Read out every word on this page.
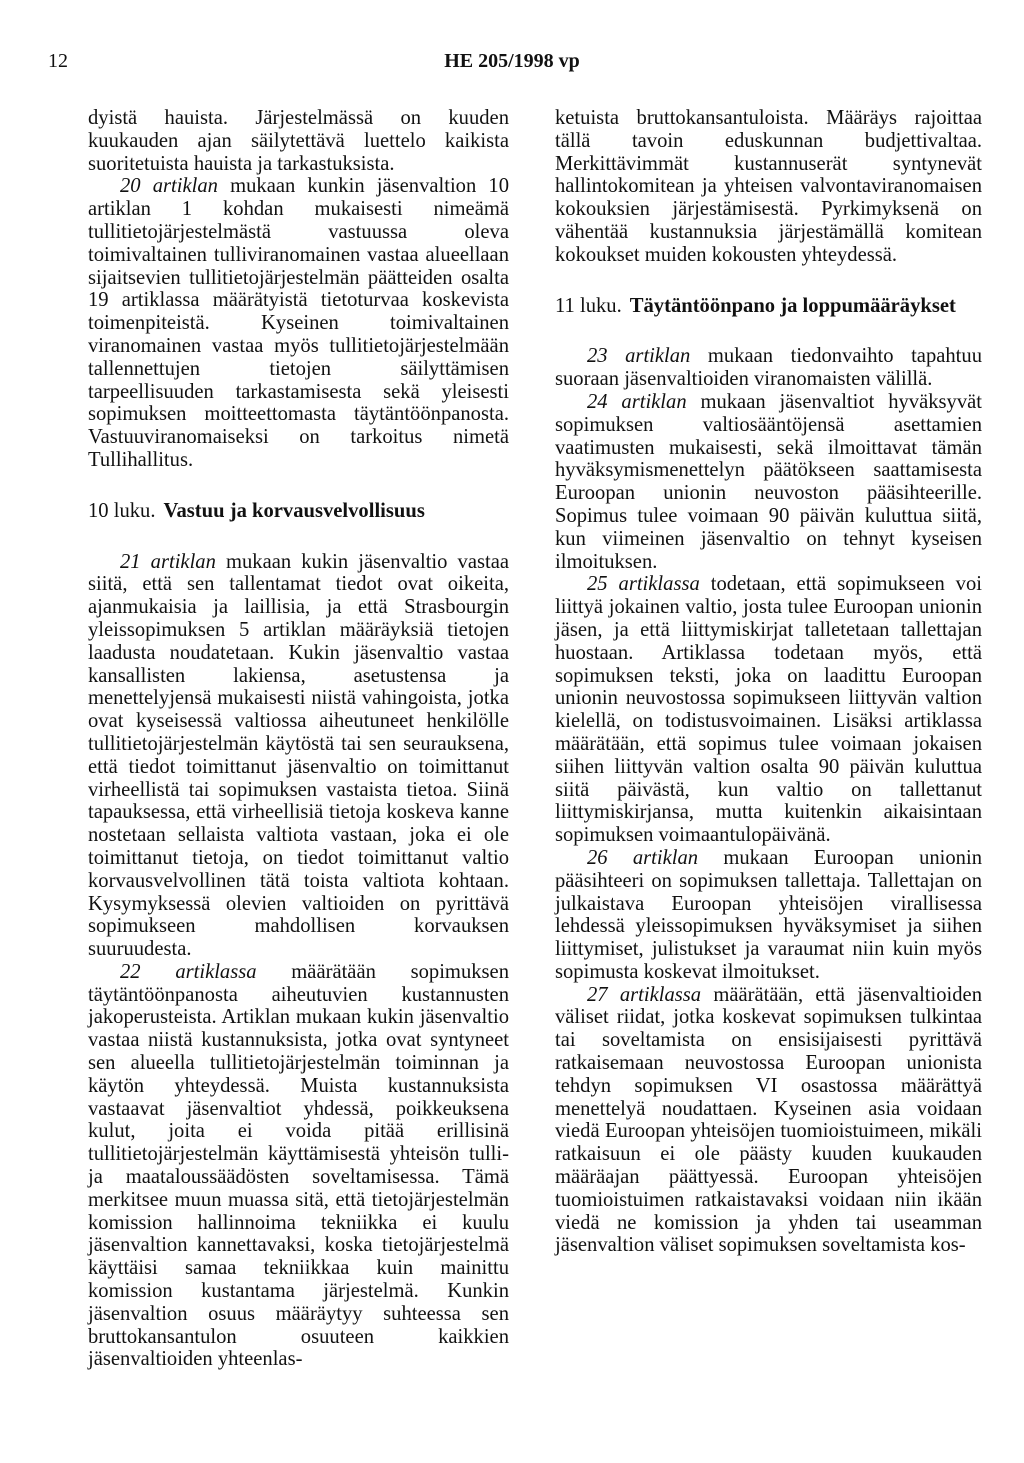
12	HE 205/1998 vp

dyistä hauista. Järjestelmässä on kuuden kuukauden ajan säilytettävä luettelo kaikista suoritetuista hauista ja tarkastuksista.

20 artiklan mukaan kunkin jäsenvaltion 10 artiklan 1 kohdan mukaisesti nimeämä tullitietojärjestelmästä vastuussa oleva toimivaltainen tulliviranomainen vastaa alueellaan sijaitsevien tullitietojärjestelmän päätteiden osalta 19 artiklassa määrätyistä tietoturvaa koskevista toimenpiteistä. Kyseinen toimivaltainen viranomainen vastaa myös tullitietojärjestelmään tallennettujen tietojen säilyttämisen tarpeellisuuden tarkastamisesta sekä yleisesti sopimuksen moitteettomasta täytäntöönpanosta. Vastuuviranomaiseksi on tarkoitus nimetä Tullihallitus.

10 luku. Vastuu ja korvausvelvollisuus

21 artiklan mukaan kukin jäsenvaltio vastaa siitä, että sen tallentamat tiedot ovat oikeita, ajanmukaisia ja laillisia, ja että Strasbourgin yleissopimuksen 5 artiklan määräyksiä tietojen laadusta noudatetaan. Kukin jäsenvaltio vastaa kansallisten lakiensa, asetustensa ja menettelyjensä mukaisesti niistä vahingoista, jotka ovat kyseisessä valtiossa aiheutuneet henkilölle tullitietojärjestelmän käytöstä tai sen seurauksena, että tiedot toimittanut jäsenvaltio on toimittanut virheellistä tai sopimuksen vastaista tietoa. Siinä tapauksessa, että virheellisiä tietoja koskeva kanne nostetaan sellaista valtiota vastaan, joka ei ole toimittanut tietoja, on tiedot toimittanut valtio korvausvelvollinen tätä toista valtiota kohtaan. Kysymyksessä olevien valtioiden on pyrittävä sopimukseen mahdollisen korvauksen suuruudesta.

22 artiklassa määrätään sopimuksen täytäntöönpanosta aiheutuvien kustannusten jakoperusteista. Artiklan mukaan kukin jäsenvaltio vastaa niistä kustannuksista, jotka ovat syntyneet sen alueella tullitietojärjestelmän toiminnan ja käytön yhteydessä. Muista kustannuksista vastaavat jäsenvaltiot yhdessä, poikkeuksena kulut, joita ei voida pitää erillisinä tullitietojärjestelmän käyttämisestä yhteisön tulli- ja maataloussäädösten soveltamisessa. Tämä merkitsee muun muassa sitä, että tietojärjestelmän komission hallinnoima tekniikka ei kuulu jäsenvaltion kannettavaksi, koska tietojärjestelmä käyttäisi samaa tekniikkaa kuin mainittu komission kustantama järjestelmä. Kunkin jäsenvaltion osuus määräytyy suhteessa sen bruttokansantulon osuuteen kaikkien jäsenvaltioiden yhteenlas-

ketuista bruttokansantuloista. Määräys rajoittaa tällä tavoin eduskunnan budjettivaltaa. Merkittävimmät kustannuserät syntynevät hallintokomitean ja yhteisen valvontaviranomaisen kokouksien järjestämisestä. Pyrkimyksenä on vähentää kustannuksia järjestämällä komitean kokoukset muiden kokousten yhteydessä.

11 luku. Täytäntöönpano ja loppumääräykset

23 artiklan mukaan tiedonvaihto tapahtuu suoraan jäsenvaltioiden viranomaisten välillä.

24 artiklan mukaan jäsenvaltiot hyväksyvät sopimuksen valtiosääntöjensä asettamien vaatimusten mukaisesti, sekä ilmoittavat tämän hyväksymismenettelyn päätökseen saattamisesta Euroopan unionin neuvoston pääsihteerille. Sopimus tulee voimaan 90 päivän kuluttua siitä, kun viimeinen jäsenvaltio on tehnyt kyseisen ilmoituksen.

25 artiklassa todetaan, että sopimukseen voi liittyä jokainen valtio, josta tulee Euroopan unionin jäsen, ja että liittymiskirjat talletetaan tallettajan huostaan. Artiklassa todetaan myös, että sopimuksen teksti, joka on laadittu Euroopan unionin neuvostossa sopimukseen liittyvän valtion kielellä, on todistusvoimainen. Lisäksi artiklassa määrätään, että sopimus tulee voimaan jokaisen siihen liittyvän valtion osalta 90 päivän kuluttua siitä päivästä, kun valtio on tallettanut liittymiskirjansa, mutta kuitenkin aikaisintaan sopimuksen voimaantulopäivänä.

26 artiklan mukaan Euroopan unionin pääsihteeri on sopimuksen tallettaja. Tallettajan on julkaistava Euroopan yhteisöjen virallisessa lehdessä yleissopimuksen hyväksymiset ja siihen liittymiset, julistukset ja varaumat niin kuin myös sopimusta koskevat ilmoitukset.

27 artiklassa määrätään, että jäsenvaltioiden väliset riidat, jotka koskevat sopimuksen tulkintaa tai soveltamista on ensisijaisesti pyrittävä ratkaisemaan neuvostossa Euroopan unionista tehdyn sopimuksen VI osastossa määrättyä menettelyä noudattaen. Kyseinen asia voidaan viedä Euroopan yhteisöjen tuomioistuimeen, mikäli ratkaisuun ei ole päästy kuuden kuukauden määräajan päättyessä. Euroopan yhteisöjen tuomioistuimen ratkaistavaksi voidaan niin ikään viedä ne komission ja yhden tai useamman jäsenvaltion väliset sopimuksen soveltamista kos-
